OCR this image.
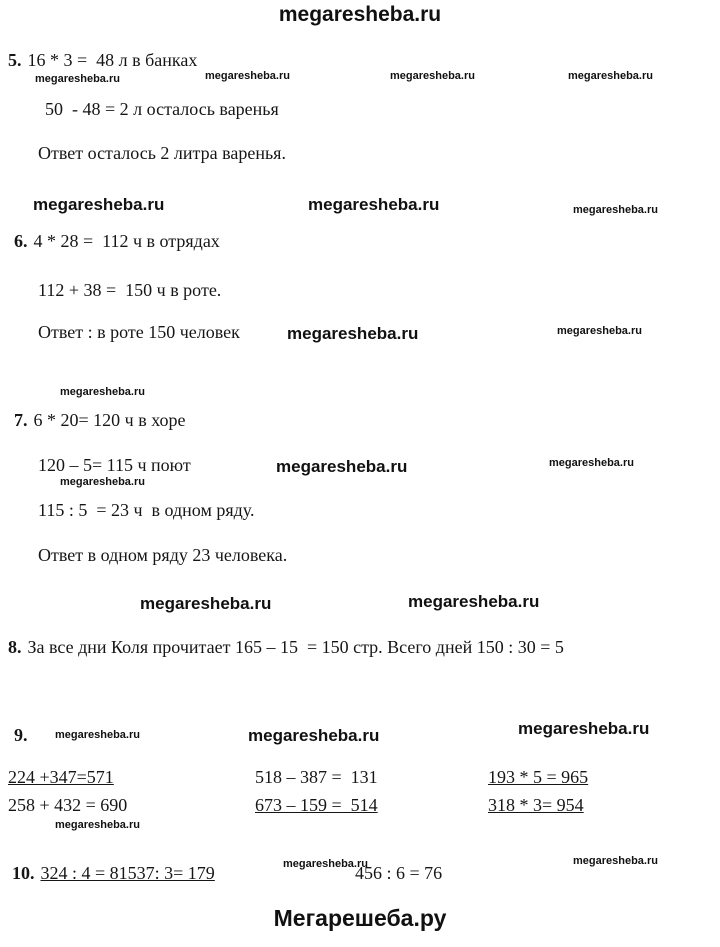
megaresheba.ru
5. 16 * 3 =  48 л в банках
megaresheba.ru	megaresheba.ru	megaresheba.ru	megaresheba.ru
50  - 48 = 2 л осталось варенья
Ответ осталось 2 литра варенья.
megaresheba.ru	megaresheba.ru	megaresheba.ru
6. 4 * 28 =  112 ч в отрядах
112 + 38 =  150 ч в роте.
Ответ : в роте 150 человек	megaresheba.ru	megaresheba.ru
megaresheba.ru
7. 6 * 20= 120 ч в хоре
120 – 5= 115 ч поют	megaresheba.ru	megaresheba.ru
megaresheba.ru
115 : 5  = 23 ч  в одном ряду.
Ответ в одном ряду 23 человека.
megaresheba.ru	megaresheba.ru
8. За все дни Коля прочитает 165 – 15  = 150 стр. Всего дней 150 : 30 = 5
9.	megaresheba.ru	megaresheba.ru	megaresheba.ru
224 +347=571	518 – 387 =  131	193 * 5 = 965
258 + 432 = 690	673 – 159 =  514	318 * 3= 954
megaresheba.ru
10. 324 : 4 = 81537: 3= 179	megaresheba.ru
456 : 6 = 76
megaresheba.ru
Мегарешеба.ру
